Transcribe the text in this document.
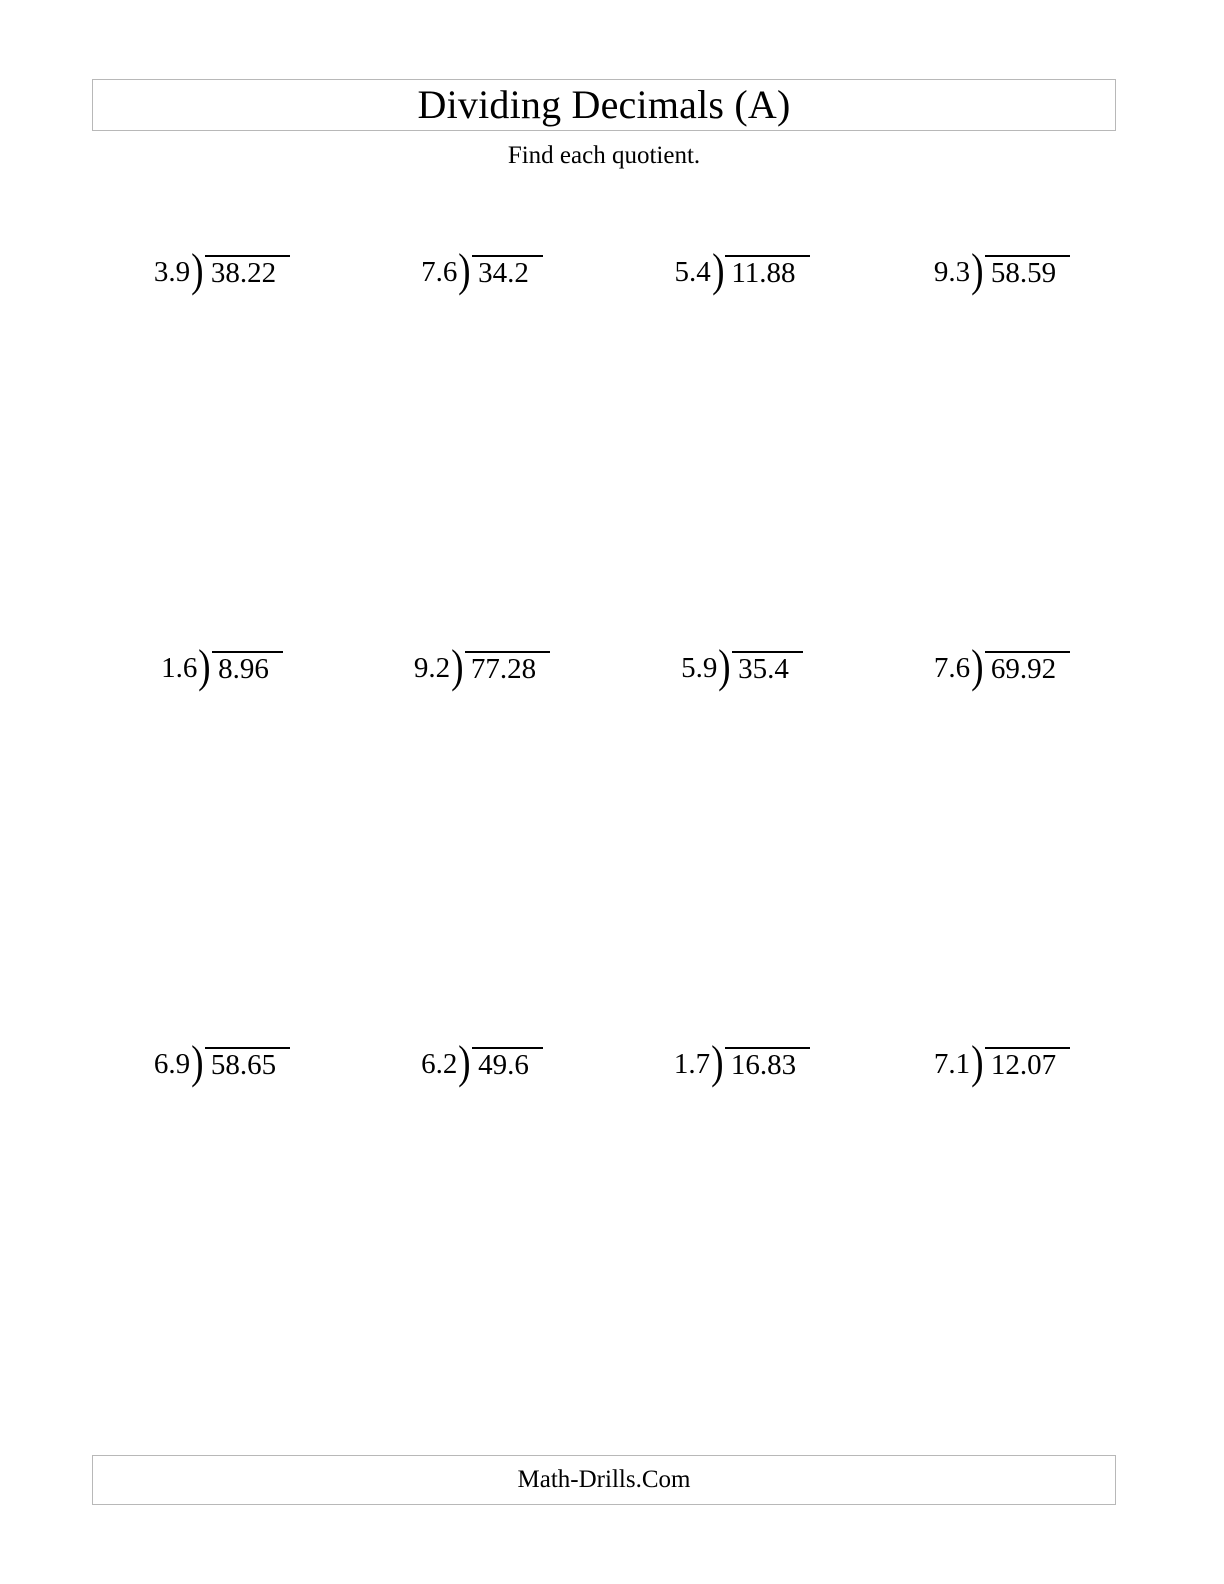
Dividing Decimals (A)
Find each quotient.
3.9 ) 38.22	7.6 ) 34.2	5.4 ) 11.88	9.3 ) 58.59
1.6 ) 8.96	9.2 ) 77.28	5.9 ) 35.4	7.6 ) 69.92
6.9 ) 58.65	6.2 ) 49.6	1.7 ) 16.83	7.1 ) 12.07
Math-Drills.Com
